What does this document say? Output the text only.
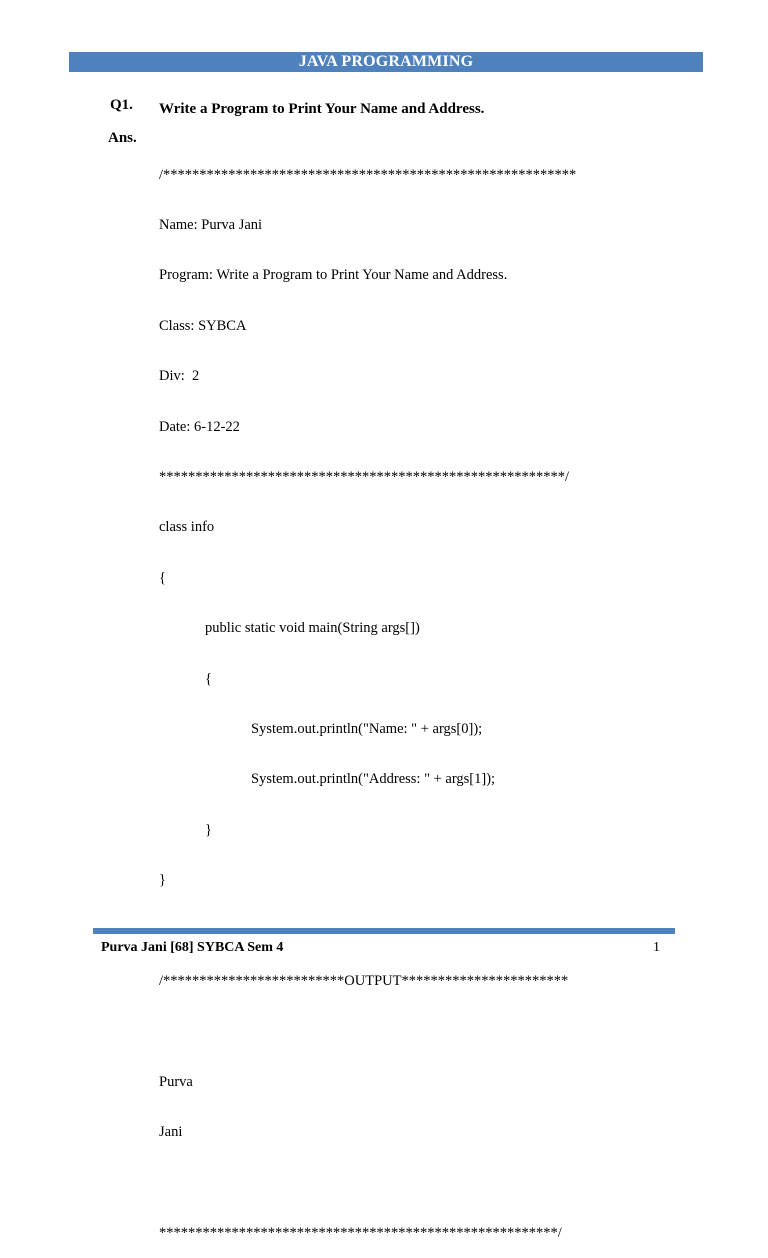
JAVA PROGRAMMING
Q1. Write a Program to Print Your Name and Address.
Ans.

/*********************************************************

Name: Purva Jani

Program: Write a Program to Print Your Name and Address.

Class: SYBCA

Div:  2

Date: 6-12-22

********************************************************/

class info

{

public static void main(String args[])

{

System.out.println("Name: " + args[0]);

System.out.println("Address: " + args[1]);

}

}

/*************************OUTPUT***********************

Purva

Jani

*******************************************************/

Purva Jani [68] SYBCA Sem 4	1
